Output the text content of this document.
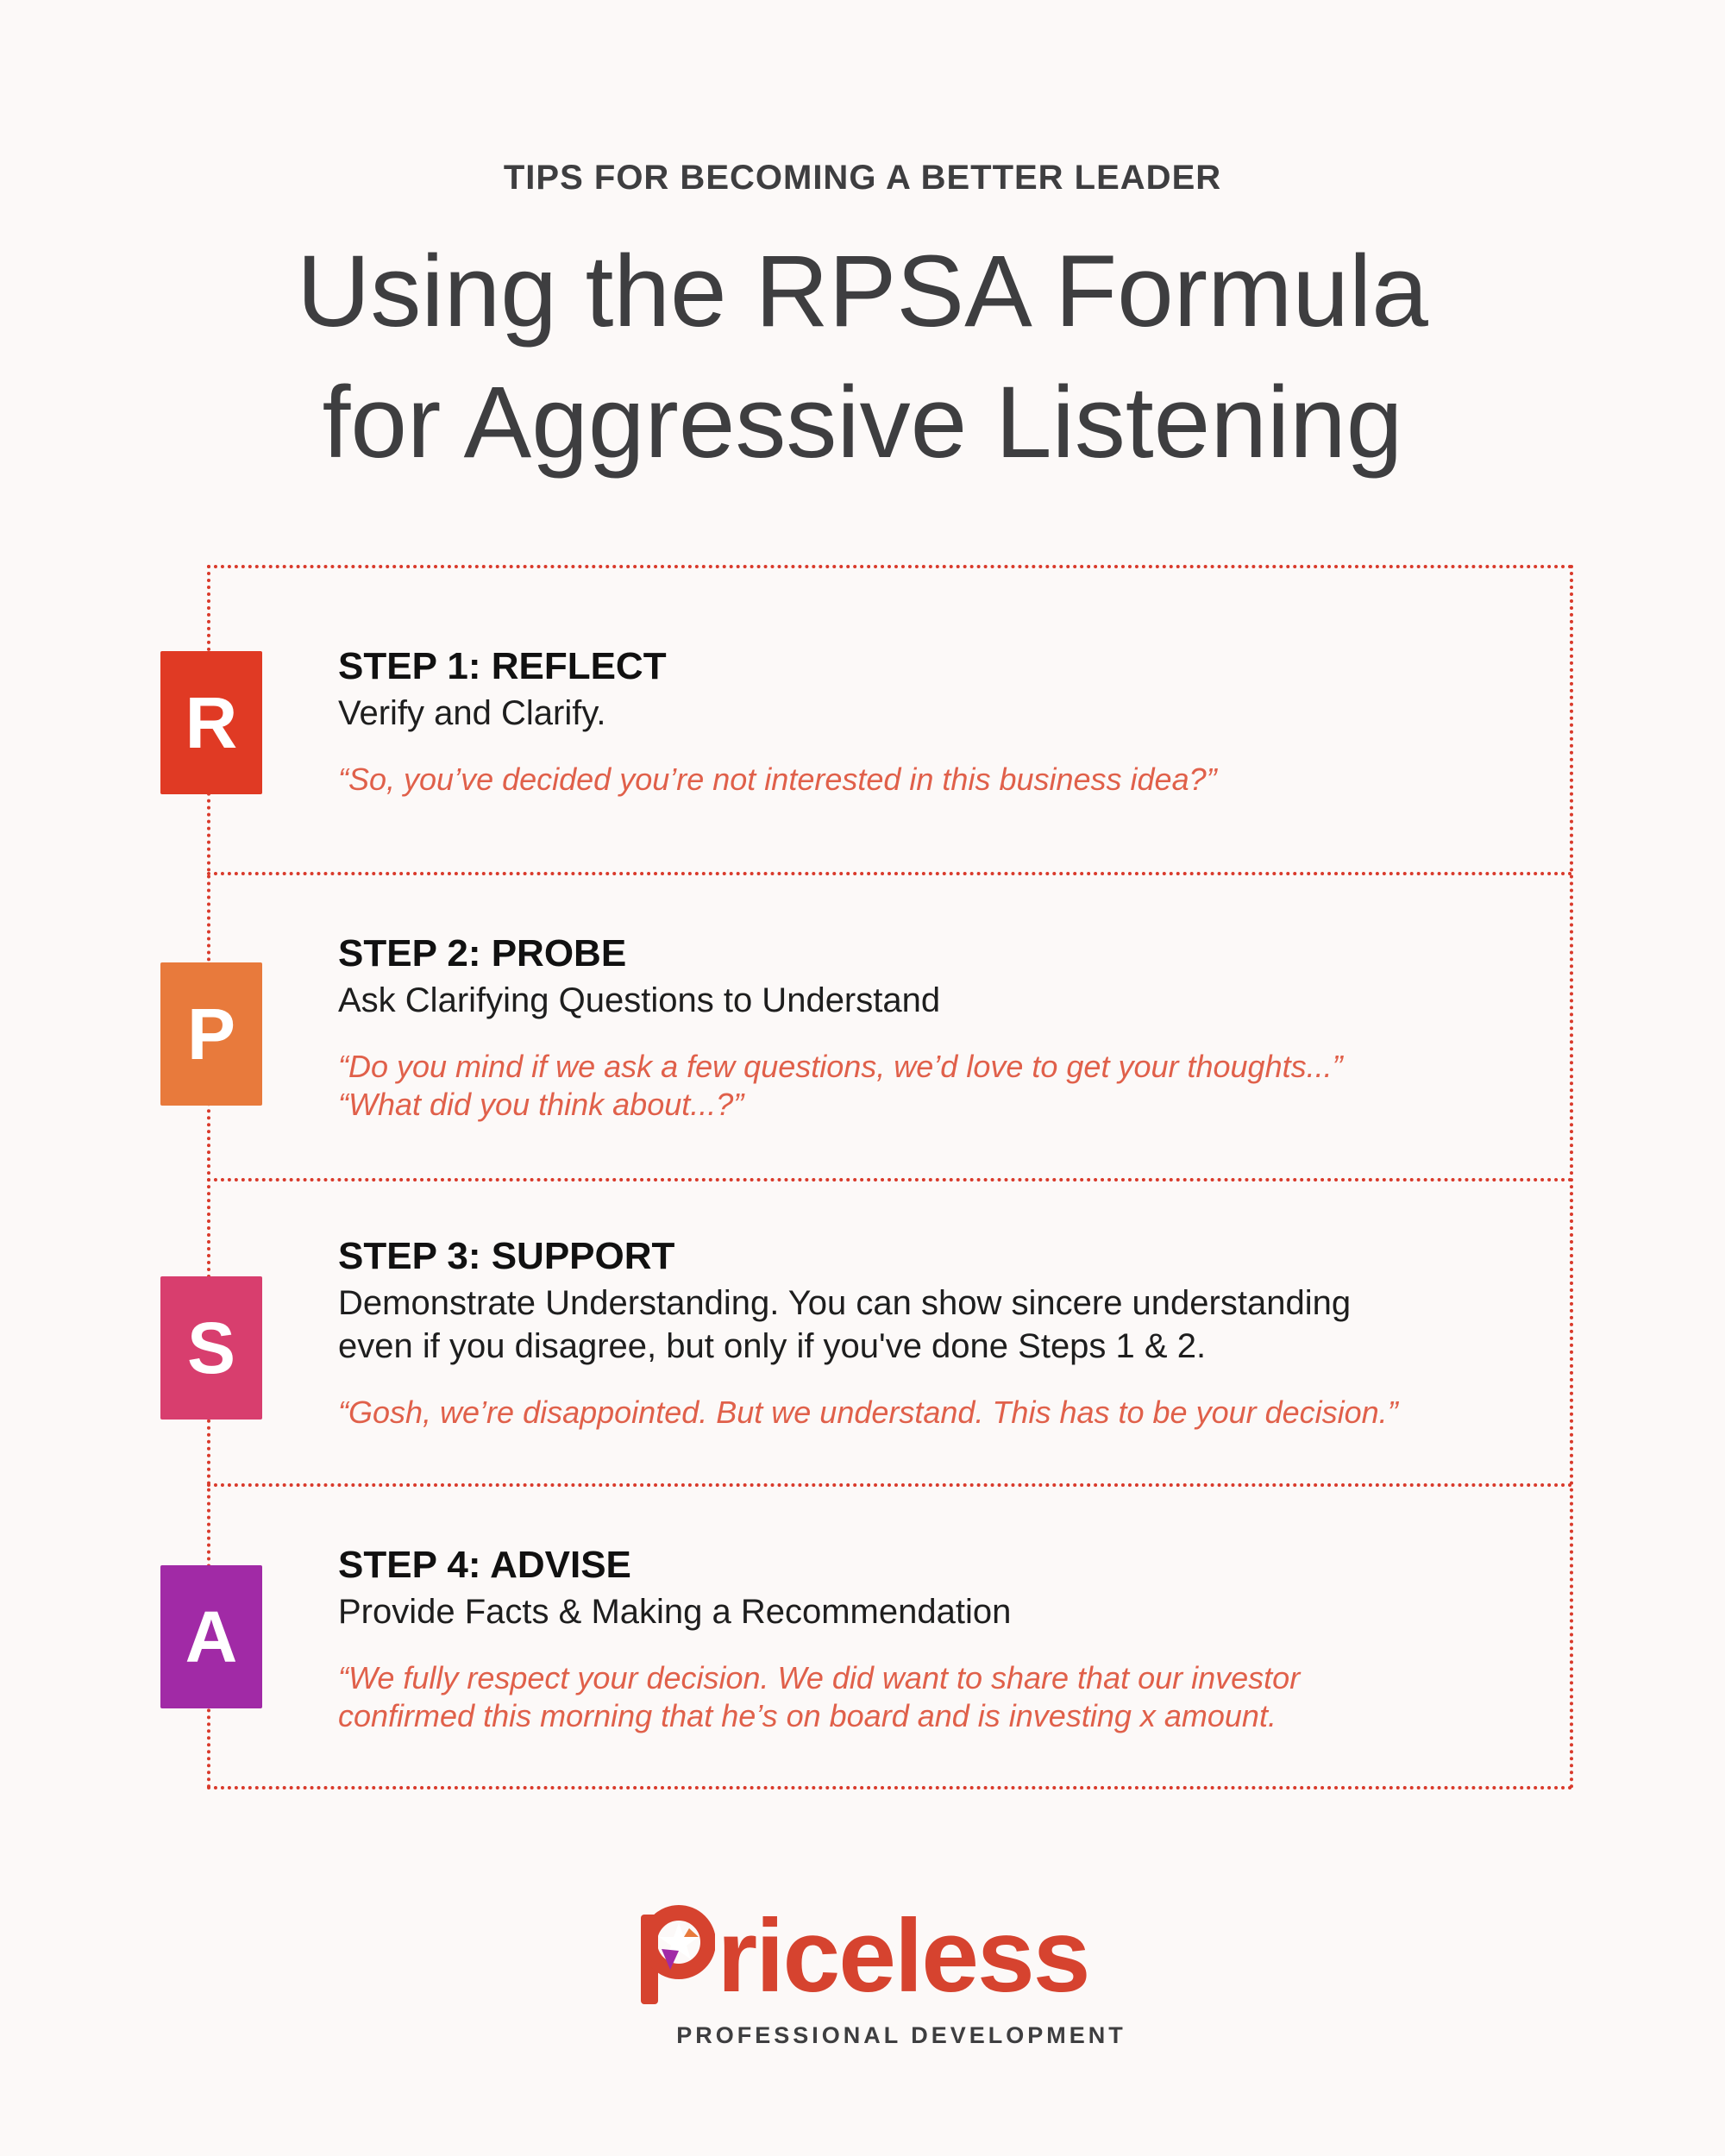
TIPS FOR BECOMING A BETTER LEADER
Using the RPSA Formula
for Aggressive Listening
R
STEP 1: REFLECT
Verify and Clarify.
“So, you’ve decided you’re not interested in this business idea?”
P
STEP 2: PROBE
Ask Clarifying Questions to Understand
“Do you mind if we ask a few questions, we’d love to get your thoughts...”
“What did you think about...?”
S
STEP 3: SUPPORT
Demonstrate Understanding. You can show sincere understanding
even if you disagree, but only if you've done Steps 1 & 2.
“Gosh, we’re disappointed. But we understand. This has to be your decision.”
A
STEP 4: ADVISE
Provide Facts & Making a Recommendation
“We fully respect your decision. We did want to share that our investor
confirmed this morning that he’s on board and is investing x amount.
riceless
PROFESSIONAL DEVELOPMENT
